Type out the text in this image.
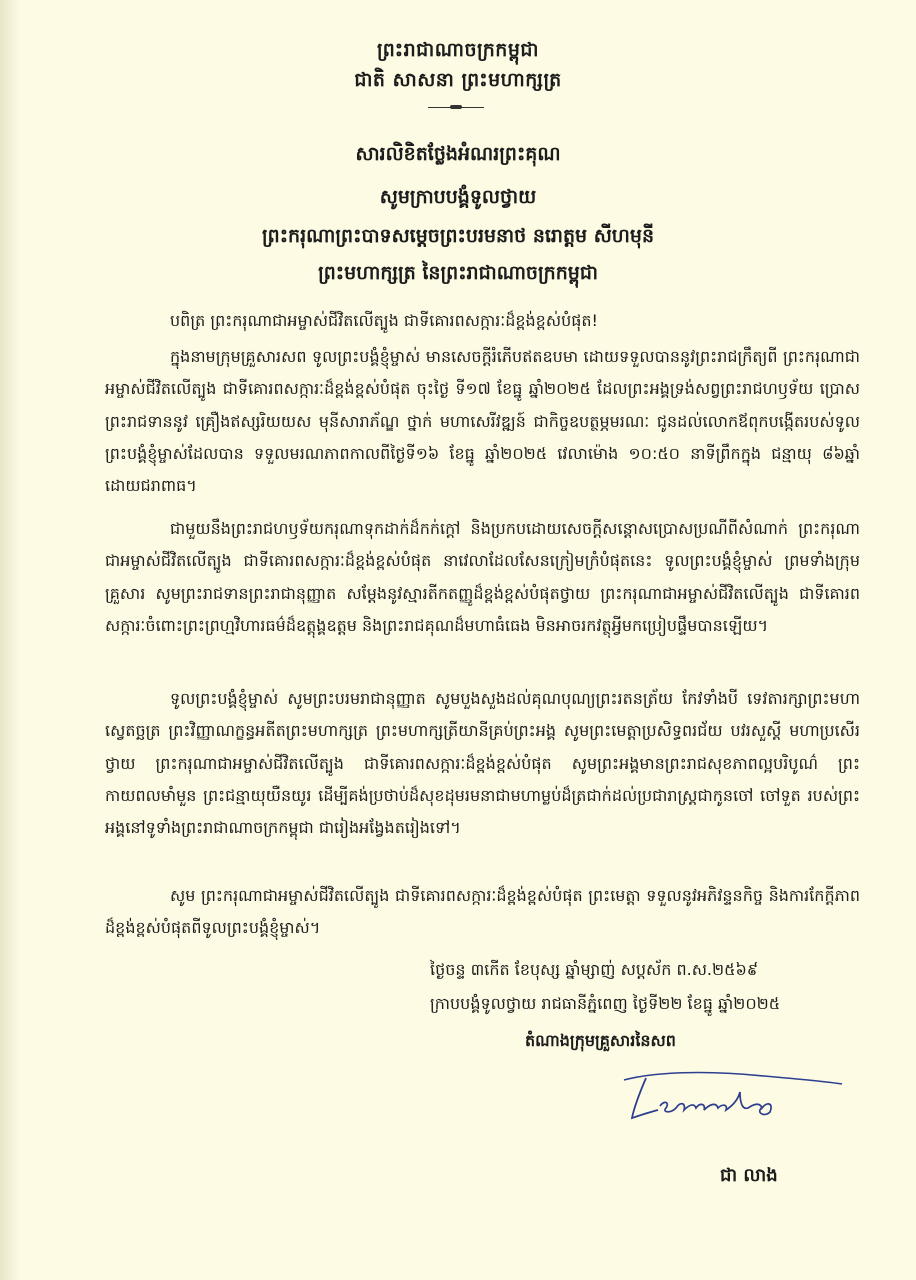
ព្រះរាជាណាចក្រកម្ពុជា
ជាតិ សាសនា ព្រះមហាក្សត្រ
សារលិខិតថ្លែងអំណរព្រះគុណ
សូមក្រាបបង្គំទូលថ្វាយ
ព្រះករុណាព្រះបាទសម្តេចព្រះបរមនាថ នរោត្តម សីហមុនី
ព្រះមហាក្សត្រ នៃព្រះរាជាណាចក្រកម្ពុជា
បពិត្រ ព្រះករុណាជាអម្ចាស់ជីវិតលើត្បូង ជាទីគោរពសក្ការៈដ៏ខ្ពង់ខ្ពស់បំផុត!
ក្នុងនាមក្រុមគ្រួសារសព ទូលព្រះបង្គំខ្ញុំម្ចាស់ មានសេចក្តីរំភើបឥតឧបមា ដោយទទួលបាននូវព្រះរាជក្រឹត្យពី ព្រះករុណាជាអម្ចាស់ជីវិតលើត្បូង ជាទីគោរពសក្ការៈដ៏ខ្ពង់ខ្ពស់បំផុត ចុះថ្ងៃ ទី១៧ ខែធ្នូ ឆ្នាំ២០២៥ ដែលព្រះអង្គទ្រង់សព្វព្រះរាជហឫទ័យ ប្រោសព្រះរាជទាននូវ គ្រឿងឥស្សរិយយស មុនីសារាភ័ណ្ឌ ថ្នាក់ មហាសេរីវឌ្ឍន៍ ជាកិច្ចឧបត្ថម្ភមរណៈ ជូនដល់លោកឪពុកបង្កើតរបស់ទូលព្រះបង្គំខ្ញុំម្ចាស់ដែលបាន ទទួលមរណភាពកាលពីថ្ងៃទី១៦ ខែធ្នូ ឆ្នាំ២០២៥ វេលាម៉ោង ១០:៥០ នាទីព្រឹកក្នុង ជន្មាយុ ៨៦ឆ្នាំ ដោយជរាពាធ។
ជាមួយនឹងព្រះរាជហឫទ័យករុណាទុកដាក់ដ៏កក់ក្តៅ និងប្រកបដោយសេចក្តីសន្តោសប្រោសប្រណីពីសំណាក់ ព្រះករុណាជាអម្ចាស់ជីវិតលើត្បូង ជាទីគោរពសក្ការៈដ៏ខ្ពង់ខ្ពស់បំផុត នាវេលាដែលសែនក្រៀមក្រំបំផុតនេះ ទូលព្រះបង្គំខ្ញុំម្ចាស់ ព្រមទាំងក្រុមគ្រួសារ សូមព្រះរាជទានព្រះរាជានុញ្ញាត សម្តែងនូវស្មារតីកតញ្ញូដ៏ខ្ពង់ខ្ពស់បំផុតថ្វាយ ព្រះករុណាជាអម្ចាស់ជីវិតលើត្បូង ជាទីគោរពសក្ការៈចំពោះព្រះព្រហ្មវិហារធម៌ដ៏ឧត្តុង្គឧត្តម និងព្រះរាជគុណដ៏មហាធំធេង មិនអាចរកវត្ថុអ្វីមកប្រៀបផ្ទឹមបានឡើយ។
ទូលព្រះបង្គំខ្ញុំម្ចាស់ សូមព្រះបរមរាជានុញ្ញាត សូមបួងសួងដល់គុណបុណ្យព្រះរតនត្រ័យ កែវទាំងបី ទេវតារក្សាព្រះមហាស្វេតច្ឆត្រ ព្រះវិញ្ញាណក្ខន្ធអតីតព្រះមហាក្សត្រ ព្រះមហាក្សត្រីយានីគ្រប់ព្រះអង្គ សូមព្រះមេត្តាប្រសិទ្ធពរជ័យ បវរសួស្តី មហាប្រសើរ ថ្វាយ ព្រះករុណាជាអម្ចាស់ជីវិតលើត្បូង ជាទីគោរពសក្ការៈដ៏ខ្ពង់ខ្ពស់បំផុត សូមព្រះអង្គមានព្រះរាជសុខភាពល្អបរិបូណ៌ ព្រះកាយពលមាំមួន ព្រះជន្មាយុយឺនយូរ ដើម្បីគង់ប្រថាប់ដ៏សុខដុមរមនាជាមហាម្លប់ដ៏ត្រជាក់ដល់ប្រជារាស្ត្រជាកូនចៅ ចៅទួត របស់ព្រះអង្គនៅទូទាំងព្រះរាជាណាចក្រកម្ពុជា ជារៀងអង្វែងតរៀងទៅ។
សូម ព្រះករុណាជាអម្ចាស់ជីវិតលើត្បូង ជាទីគោរពសក្ការៈដ៏ខ្ពង់ខ្ពស់បំផុត ព្រះមេត្តា ទទួលនូវអភិវន្ទនកិច្ច និងការកែក្តីភាពដ៏ខ្ពង់ខ្ពស់បំផុតពីទូលព្រះបង្គំខ្ញុំម្ចាស់។
ថ្ងៃចន្ទ ៣កើត ខែបុស្ស ឆ្នាំម្សាញ់ សប្តស័ក ព.ស.២៥៦៩
ក្រាបបង្គំទូលថ្វាយ រាជធានីភ្នំពេញ ថ្ងៃទី២២ ខែធ្នូ ឆ្នាំ២០២៥
តំណាងក្រុមគ្រួសារនៃសព
ជា លាង
